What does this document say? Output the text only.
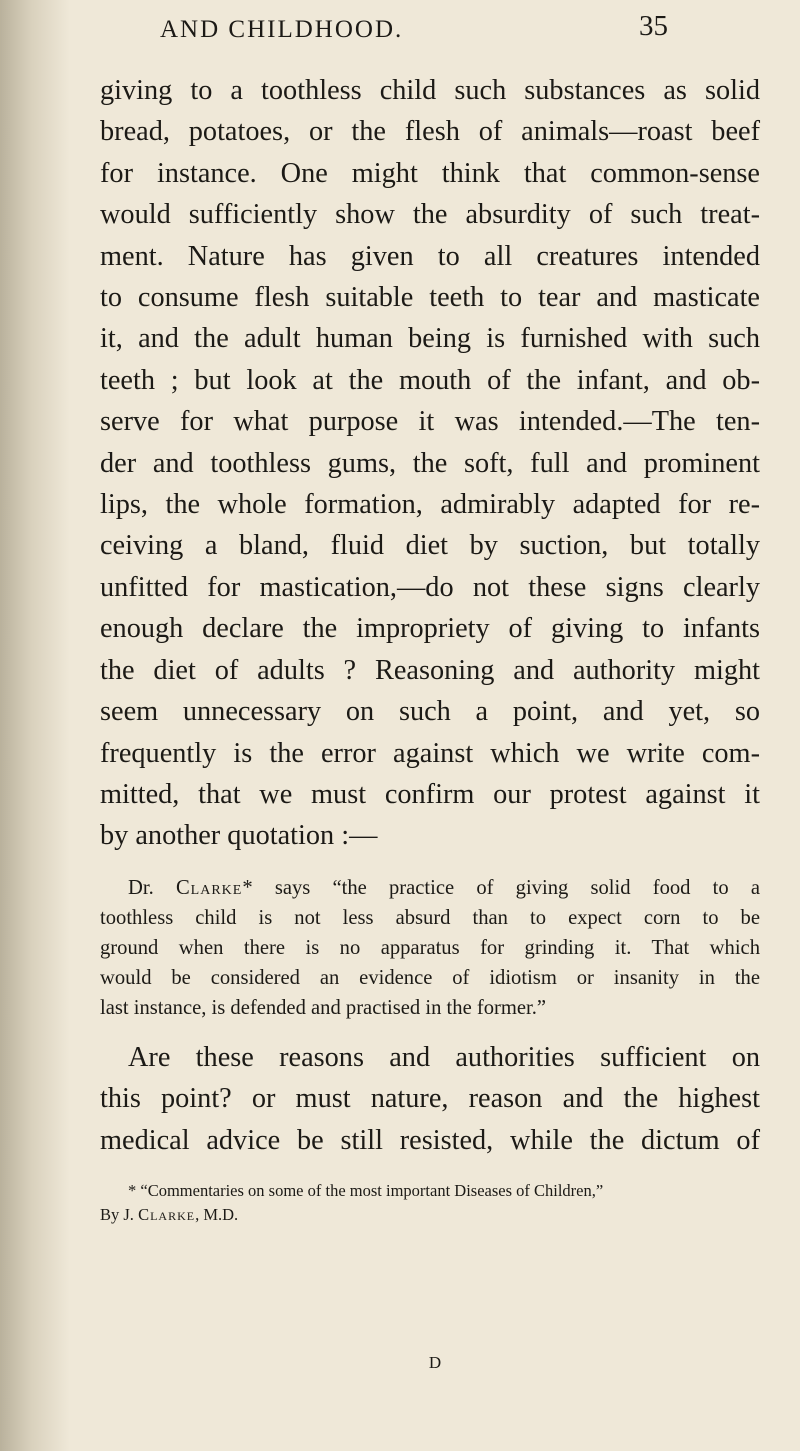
AND CHILDHOOD.	35

giving to a toothless child such substances as solid
bread, potatoes, or the flesh of animals—roast beef
for instance. One might think that common-sense
would sufficiently show the absurdity of such treat-
ment. Nature has given to all creatures intended
to consume flesh suitable teeth to tear and masticate
it, and the adult human being is furnished with such
teeth ; but look at the mouth of the infant, and ob-
serve for what purpose it was intended.—The ten-
der and toothless gums, the soft, full and prominent
lips, the whole formation, admirably adapted for re-
ceiving a bland, fluid diet by suction, but totally
unfitted for mastication,—do not these signs clearly
enough declare the impropriety of giving to infants
the diet of adults ? Reasoning and authority might
seem unnecessary on such a point, and yet, so
frequently is the error against which we write com-
mitted, that we must confirm our protest against it
by another quotation :—

Dr. Clarke* says “the practice of giving solid food to a
toothless child is not less absurd than to expect corn to be
ground when there is no apparatus for grinding it. That which
would be considered an evidence of idiotism or insanity in the
last instance, is defended and practised in the former.”

Are these reasons and authorities sufficient on
this point? or must nature, reason and the highest
medical advice be still resisted, while the dictum of

* “Commentaries on some of the most important Diseases of Children,”
By J. Clarke, M.D.
D
